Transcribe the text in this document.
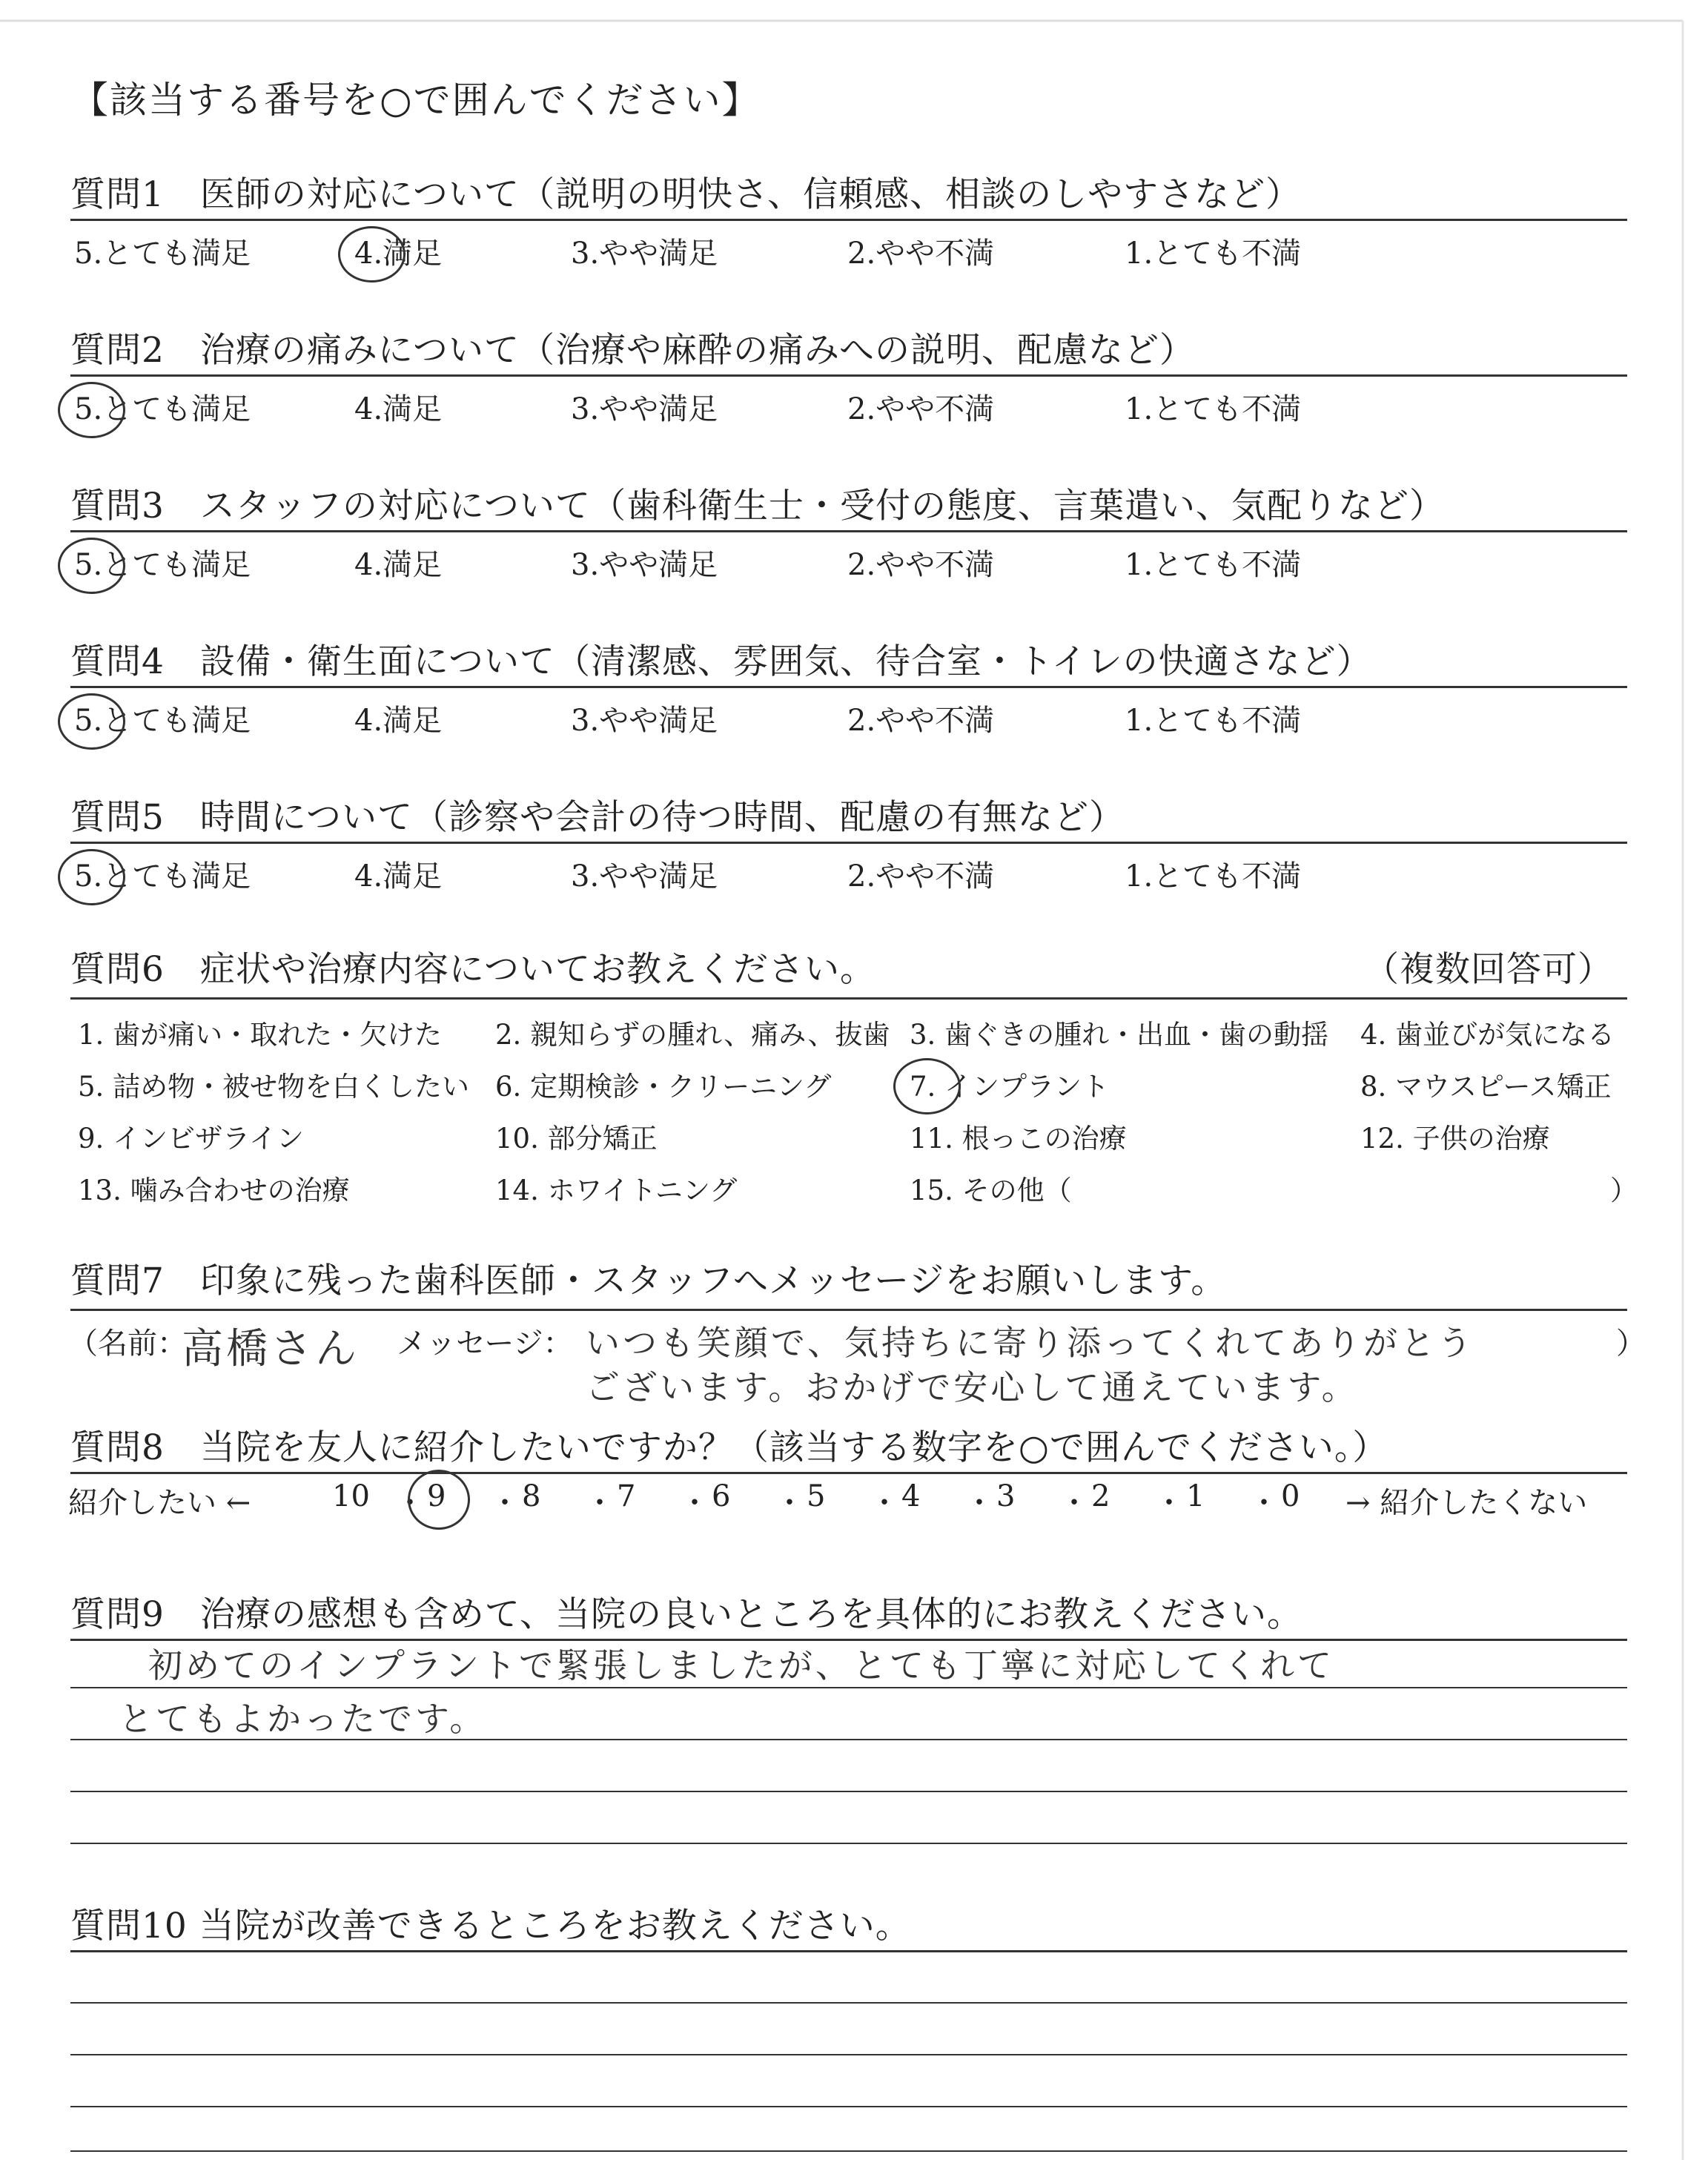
【該当する番号を○で囲んでください】
質問1　医師の対応について（説明の明快さ、信頼感、相談のしやすさなど）
5.とても満足	4.満足	3.やや満足	2.やや不満	1.とても不満
質問2　治療の痛みについて（治療や麻酔の痛みへの説明、配慮など）
5.とても満足	4.満足	3.やや満足	2.やや不満	1.とても不満
質問3　スタッフの対応について（歯科衛生士・受付の態度、言葉遣い、気配りなど）
5.とても満足	4.満足	3.やや満足	2.やや不満	1.とても不満
質問4　設備・衛生面について（清潔感、雰囲気、待合室・トイレの快適さなど）
5.とても満足	4.満足	3.やや満足	2.やや不満	1.とても不満
質問5　時間について（診察や会計の待つ時間、配慮の有無など）
5.とても満足	4.満足	3.やや満足	2.やや不満	1.とても不満
質問6　症状や治療内容についてお教えください。	（複数回答可）
1. 歯が痛い・取れた・欠けた 2. 親知らずの腫れ、痛み、抜歯 3. 歯ぐきの腫れ・出血・歯の動揺 4. 歯並びが気になる
5. 詰め物・被せ物を白くしたい 6. 定期検診・クリーニング	7. インプラント	8. マウスピース矯正
9. インビザライン	10. 部分矯正	11. 根っこの治療	12. 子供の治療
13. 噛み合わせの治療	14. ホワイトニング	15. その他（	）
質問7　印象に残った歯科医師・スタッフへメッセージをお願いします。
（名前：
高橋さん メッセージ： いつも笑顔で、気持ちに寄り添ってくれてありがとう	）
ございます。おかげで安心して通えています。
質問8　当院を友人に紹介したいですか？（該当する数字を○で囲んでください。）
紹介したい ←	→ 紹介したくない
10 ・ 9 ・ 8 ・ 7 ・ 6 ・ 5 ・ 4 ・ 3 ・ 2 ・ 1 ・ 0
質問9　治療の感想も含めて、当院の良いところを具体的にお教えください。
初めてのインプラントで緊張しましたが、とても丁寧に対応してくれて
とてもよかったです。
質問10 当院が改善できるところをお教えください。
